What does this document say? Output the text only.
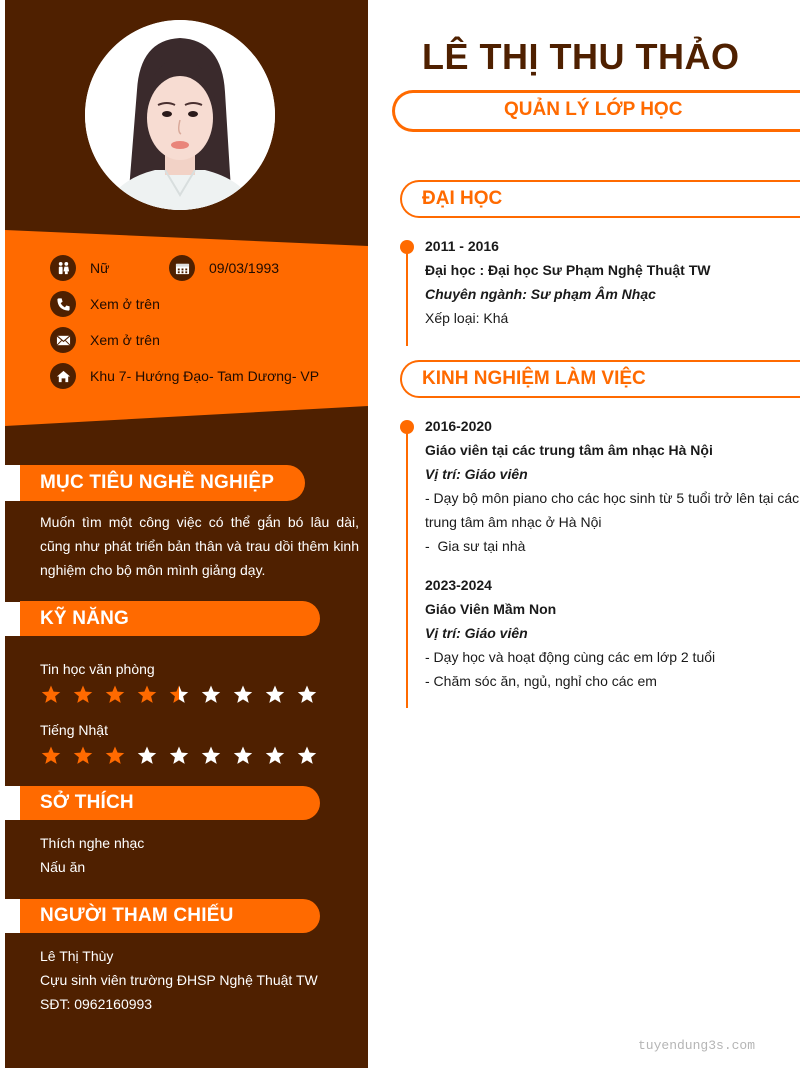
Nữ	09/03/1993
Xem ở trên
Xem ở trên
Khu 7- Hướng Đạo- Tam Dương- VP
MỤC TIÊU NGHỀ NGHIỆP
Muốn tìm một công việc có thể gắn bó lâu dài, cũng như phát triển bản thân và trau dồi thêm kinh nghiệm cho bộ môn mình giảng dạy.
KỸ NĂNG
Tin học văn phòng
Tiếng Nhật
SỞ THÍCH
Thích nghe nhạc
Nấu ăn
NGƯỜI THAM CHIẾU
Lê Thị Thùy
Cựu sinh viên trường ĐHSP Nghệ Thuật TW
SĐT: 0962160993
LÊ THỊ THU THẢO
QUẢN LÝ LỚP HỌC
ĐẠI HỌC
2011 - 2016
Đại học : Đại học Sư Phạm Nghệ Thuật TW
Chuyên ngành: Sư phạm Âm Nhạc
Xếp loại: Khá
KINH NGHIỆM LÀM VIỆC
2016-2020
Giáo viên tại các trung tâm âm nhạc Hà Nội
Vị trí: Giáo viên
- Dạy bộ môn piano cho các học sinh từ 5 tuổi trở lên tại các trung tâm âm nhạc ở Hà Nội
-  Gia sư tại nhà
2023-2024
Giáo Viên Mầm Non
Vị trí: Giáo viên
- Dạy học và hoạt động cùng các em lớp 2 tuổi
- Chăm sóc ăn, ngủ, nghỉ cho các em
tuyendung3s.com
